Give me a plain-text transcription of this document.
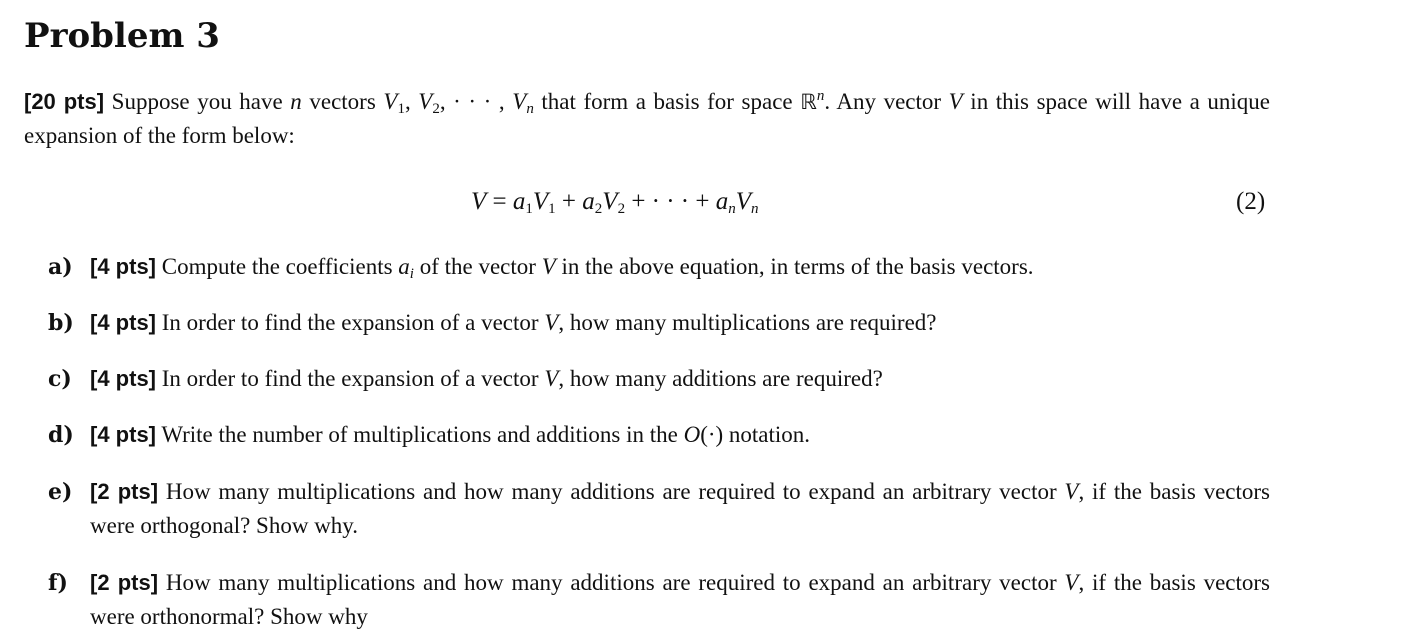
Problem 3
[20 pts] Suppose you have n vectors $V_1$, $V_2$, · · · , $V_n$ that form a basis for space ℝ$^n$. Any vector V in this space will have a unique expansion of the form below:
$V = a_1V_1 + a_2V_2$ + · · · + $a_nV_n$	(2)
a) [4 pts] Compute the coefficients $a_i$ of the vector V in the above equation, in terms of the basis vectors.
b) [4 pts] In order to find the expansion of a vector V, how many multiplications are required?
c) [4 pts] In order to find the expansion of a vector V, how many additions are required?
d) [4 pts] Write the number of multiplications and additions in the O(·) notation.
e) [2 pts] How many multiplications and how many additions are required to expand an arbitrary vector V, if the basis vectors were orthogonal? Show why.
f) [2 pts] How many multiplications and how many additions are required to expand an arbitrary vector V, if the basis vectors were orthonormal? Show why
